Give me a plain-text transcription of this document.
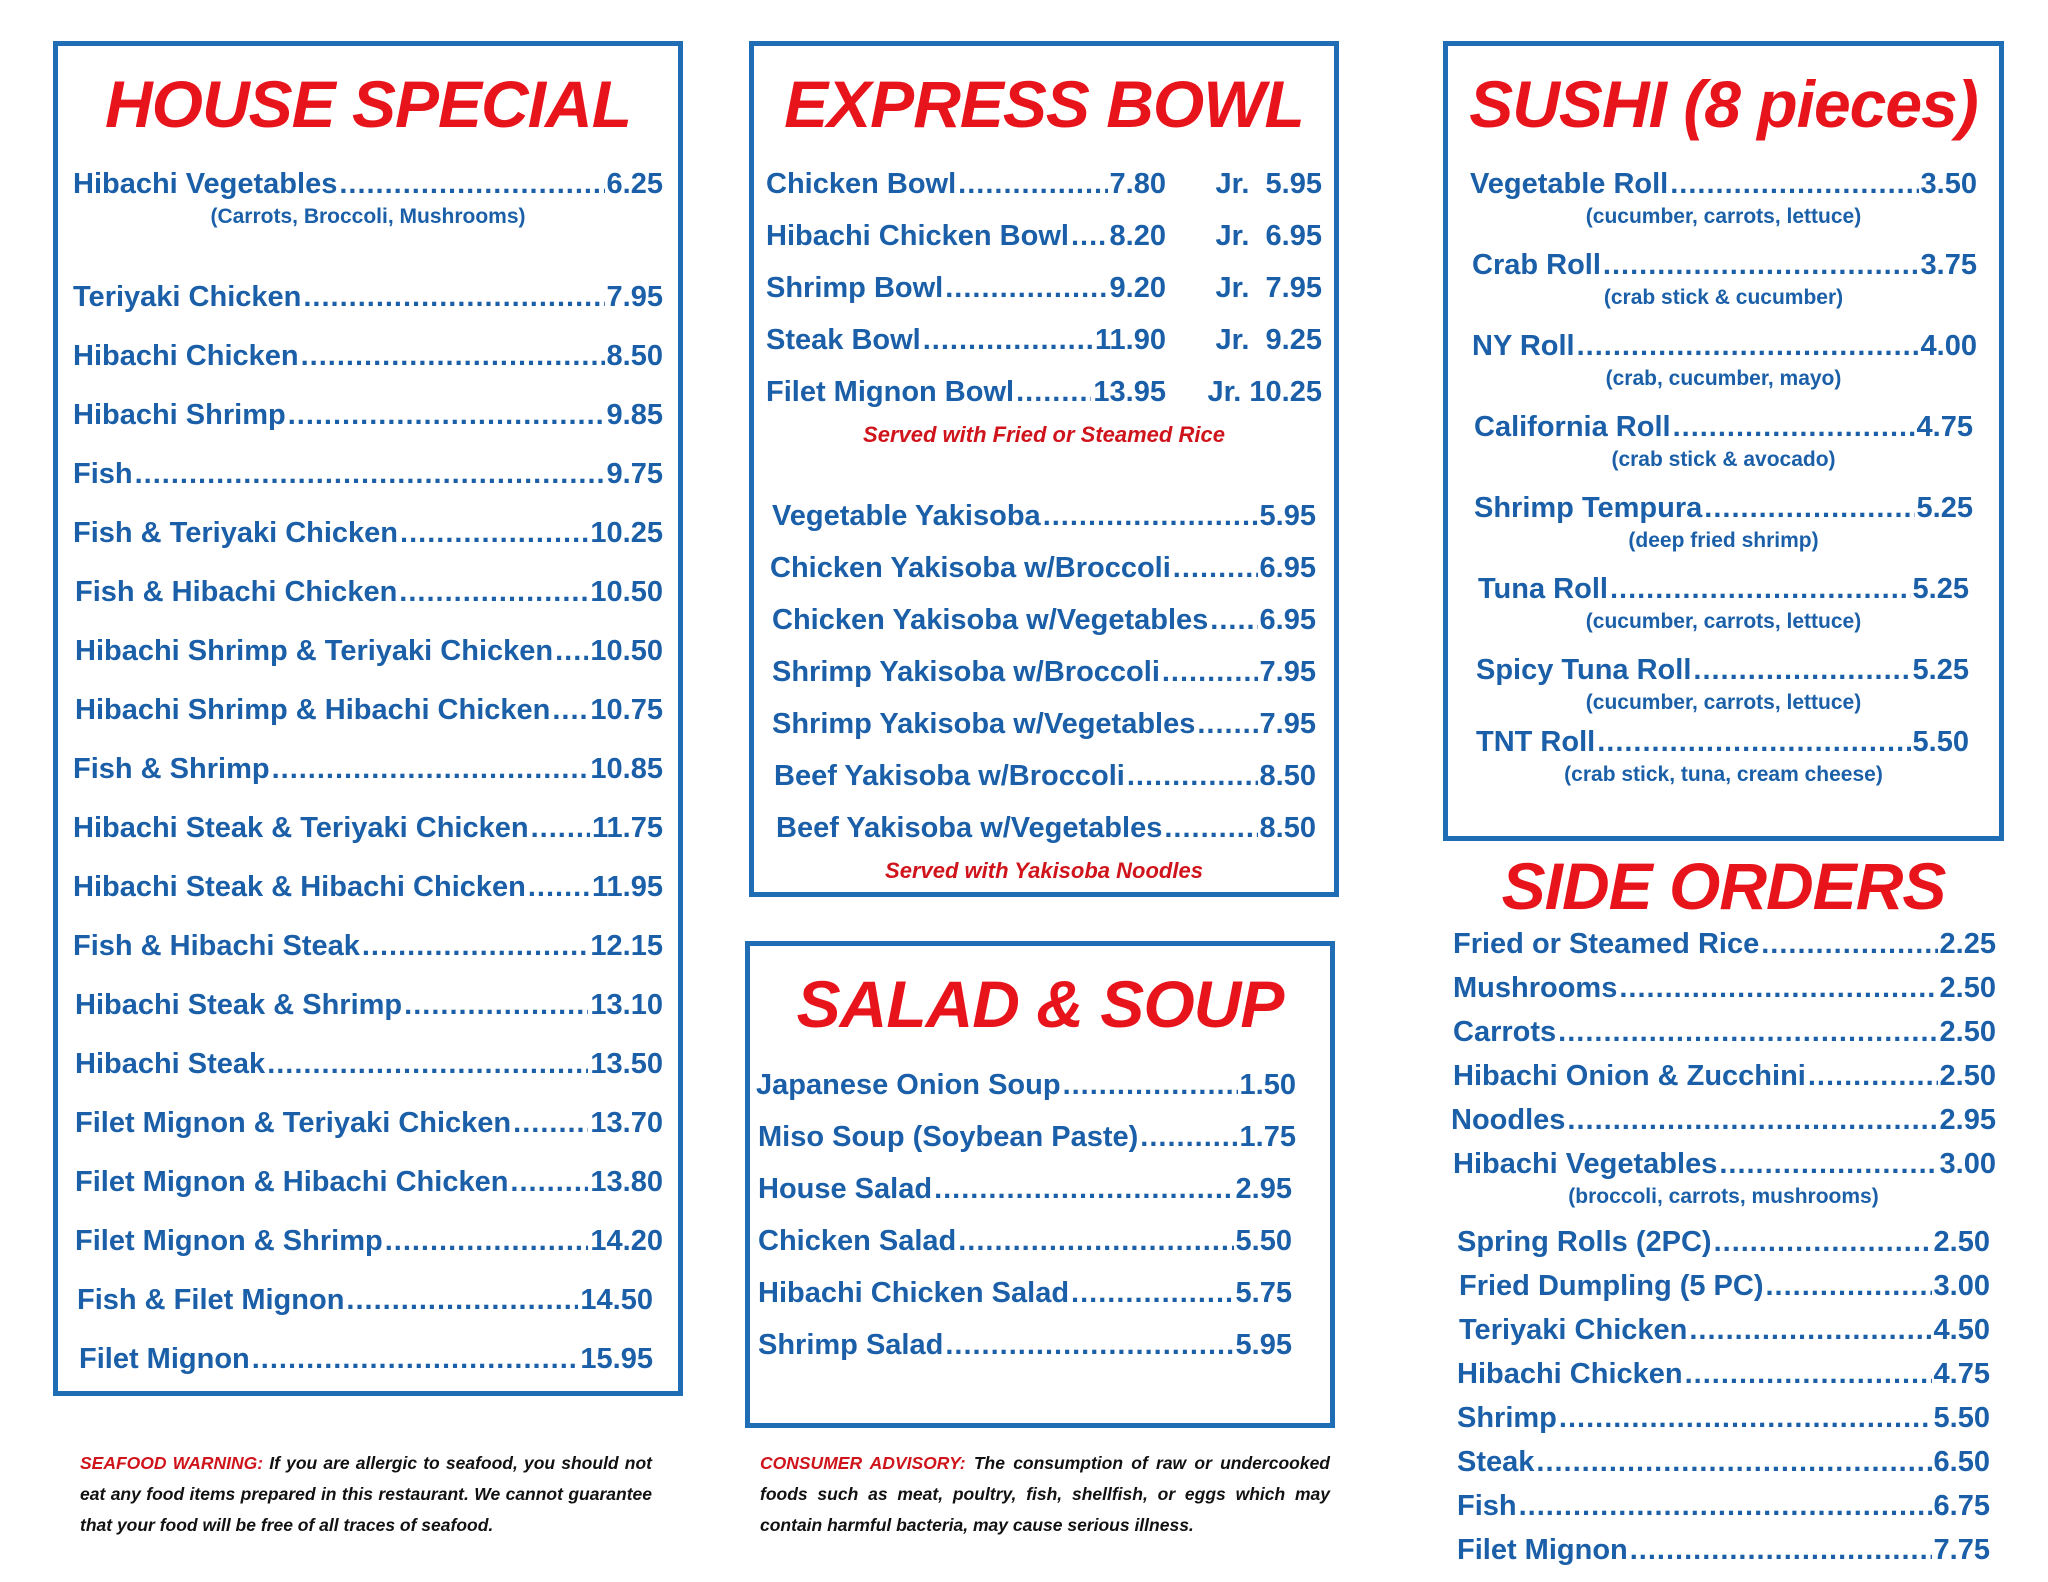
HOUSE SPECIAL
Hibachi Vegetables .....	6.25
(Carrots, Broccoli, Mushrooms)
Teriyaki Chicken .....	7.95
Hibachi Chicken .....	8.50
Hibachi Shrimp .....	9.85
Fish .....	9.75
Fish & Teriyaki Chicken .....	10.25
Fish & Hibachi Chicken .....	10.50
Hibachi Shrimp & Teriyaki Chicken ..... 10.50
Hibachi Shrimp & Hibachi Chicken ..... 10.75
Fish & Shrimp .....	10.85
Hibachi Steak & Teriyaki Chicken ..... 11.75
Hibachi Steak & Hibachi Chicken ..... 11.95
Fish & Hibachi Steak .....	12.15
Hibachi Steak & Shrimp .....	13.10
Hibachi Steak .....	13.50
Filet Mignon & Teriyaki Chicken .....	13.70
Filet Mignon & Hibachi Chicken .....	13.80
Filet Mignon & Shrimp .....	14.20
Fish & Filet Mignon .....	14.50
Filet Mignon .....	15.95
EXPRESS BOWL
Chicken Bowl .....	7.80 Jr. 5.95
Hibachi Chicken Bowl ..... 8.20 Jr. 6.95
Shrimp Bowl .....	9.20 Jr. 7.95
Steak Bowl .....	11.90 Jr. 9.25
Filet Mignon Bowl .....	13.95 Jr. 10.25
Served with Fried or Steamed Rice
Vegetable Yakisoba .....	5.95
Chicken Yakisoba w/Broccoli .....	6.95
Chicken Yakisoba w/Vegetables ..... 6.95
Shrimp Yakisoba w/Broccoli .....	7.95
Shrimp Yakisoba w/Vegetables ..... 7.95
Beef Yakisoba w/Broccoli .....	8.50
Beef Yakisoba w/Vegetables .....	8.50
Served with Yakisoba Noodles
SALAD & SOUP
Japanese Onion Soup .....	1.50
Miso Soup (Soybean Paste) .....	1.75
House Salad .....	2.95
Chicken Salad .....	5.50
Hibachi Chicken Salad .....	5.75
Shrimp Salad .....	5.95
SUSHI (8 pieces)
Vegetable Roll .....	3.50
(cucumber, carrots, lettuce)
Crab Roll .....	3.75
(crab stick & cucumber)
NY Roll .....	4.00
(crab, cucumber, mayo)
California Roll .....	4.75
(crab stick & avocado)
Shrimp Tempura .....	5.25
(deep fried shrimp)
Tuna Roll .....	5.25
(cucumber, carrots, lettuce)
Spicy Tuna Roll .....	5.25
(cucumber, carrots, lettuce)
TNT Roll .....	5.50
(crab stick, tuna, cream cheese)
SIDE ORDERS
Fried or Steamed Rice .....	2.25
Mushrooms .....	2.50
Carrots .....	2.50
Hibachi Onion & Zucchini .....	2.50
Noodles .....	2.95
Hibachi Vegetables .....	3.00
(broccoli, carrots, mushrooms)
Spring Rolls (2PC) .....	2.50
Fried Dumpling (5 PC) .....	3.00
Teriyaki Chicken .....	4.50
Hibachi Chicken .....	4.75
Shrimp .....	5.50
Steak .....	6.50
Fish .....	6.75
Filet Mignon .....	7.75
SEAFOOD WARNING: If you are allergic to seafood, you should not eat any food items prepared in this restaurant. We cannot guarantee that your food will be free of all traces of seafood.
CONSUMER ADVISORY: The consumption of raw or undercooked foods such as meat, poultry, fish, shellfish, or eggs which may contain harmful bacteria, may cause serious illness.
